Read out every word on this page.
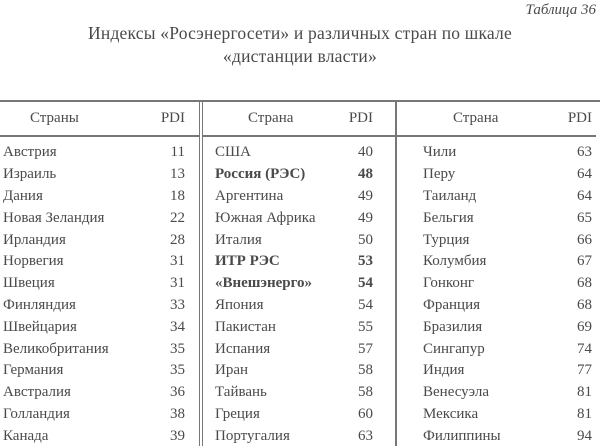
Таблица 36
Индексы «Росэнергосети» и различных стран по шкале
«дистанции власти»
Страны	PDI
Австрия	11
Израиль	13
Дания	18
Новая Зеландия	22
Ирландия	28
Норвегия	31
Швеция	31
Финляндия	33
Швейцария	34
Великобритания	35
Германия	35
Австралия	36
Голландия	38
Канада	39
Страна	PDI
США	40
Россия (РЭС)	48
Аргентина	49
Южная Африка	49
Италия	50
ИТР РЭС	53
«Внешэнерго»	54
Япония	54
Пакистан	55
Испания	57
Иран	58
Тайвань	58
Греция	60
Португалия	63
Страна	PDI
Чили	63
Перу	64
Таиланд	64
Бельгия	65
Турция	66
Колумбия	67
Гонконг	68
Франция	68
Бразилия	69
Сингапур	74
Индия	77
Венесуэла	81
Мексика	81
Филиппины	94
